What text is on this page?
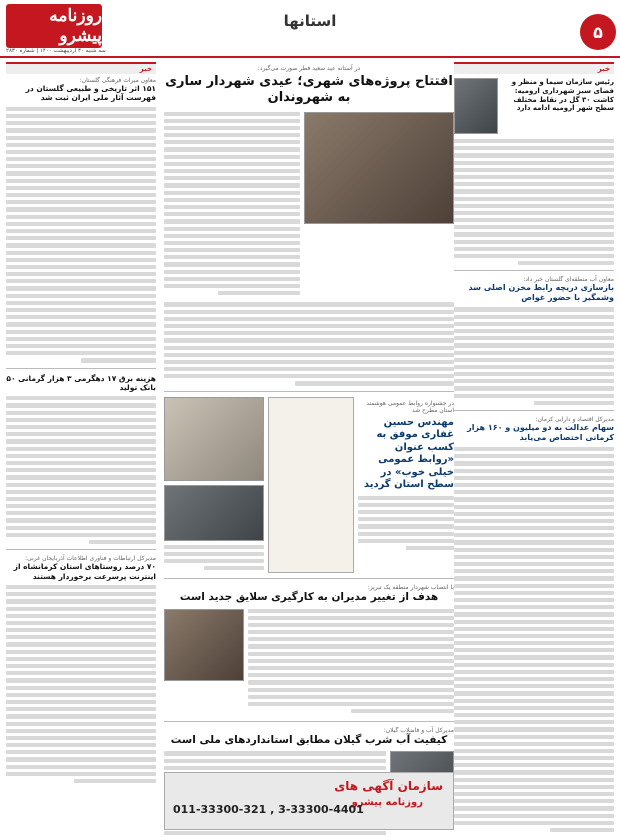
روزنامه پیشرو
سه شنبه ۳۰ اردیبهشت ۱۴۰۰ | شماره ۲۸۳۰
استانها
۵
خبر
رئیس سازمان سیما و منظر و فضای سبز شهرداری ارومیه: کاشت ۳۰ گل در نقاط مختلف سطح شهر ارومیه ادامه دارد
معاون آب منطقه‌ای گلستان خبر داد:
بازسازی دریچه رابط مخزن اصلی سد وشمگیر با حضور غواص
مدیرکل اقتصاد و دارایی کرمان:
سهام عدالت به دو میلیون و ۱۶۰ هزار کرمانی اختصاص می‌یابد
خبر
معاون میراث فرهنگی گلستان:
۱۵۱ اثر تاریخی و طبیعی گلستان در فهرست آثار ملی ایران ثبت شد
هزینه برق ۱۷ دهگرمی ۳ هزار گرمانی ۵۰ بانک تولید
مدیرکل ارتباطات و فناوری اطلاعات آذربایجان غربی:
۷۰ درصد روستاهای استان کرمانشاه از اینترنت پرسرعت برخوردار هستند
در آستانه عید سعید فطر صورت می‌گیرد:
افتتاح پروژه‌های شهری؛ عیدی شهردار ساری به شهروندان
در جشنواره روابط عمومی هوشمند استان مطرح شد
مهندس حسین غفاری موفق به کسب عنوان «روابط عمومی خیلی خوب» در سطح استان گردید
با انتصاب شهردار منطقه یک تبریز:
هدف از تغییر مدیران به کارگیری سلایق جدید است
مدیرکل آب و فاضلاب گیلان:
کیفیت آب شرب گیلان مطابق استانداردهای ملی است
سازمان آگهی های
روزنامه پیشرو
011-33300-321 , 3-33300-4401
